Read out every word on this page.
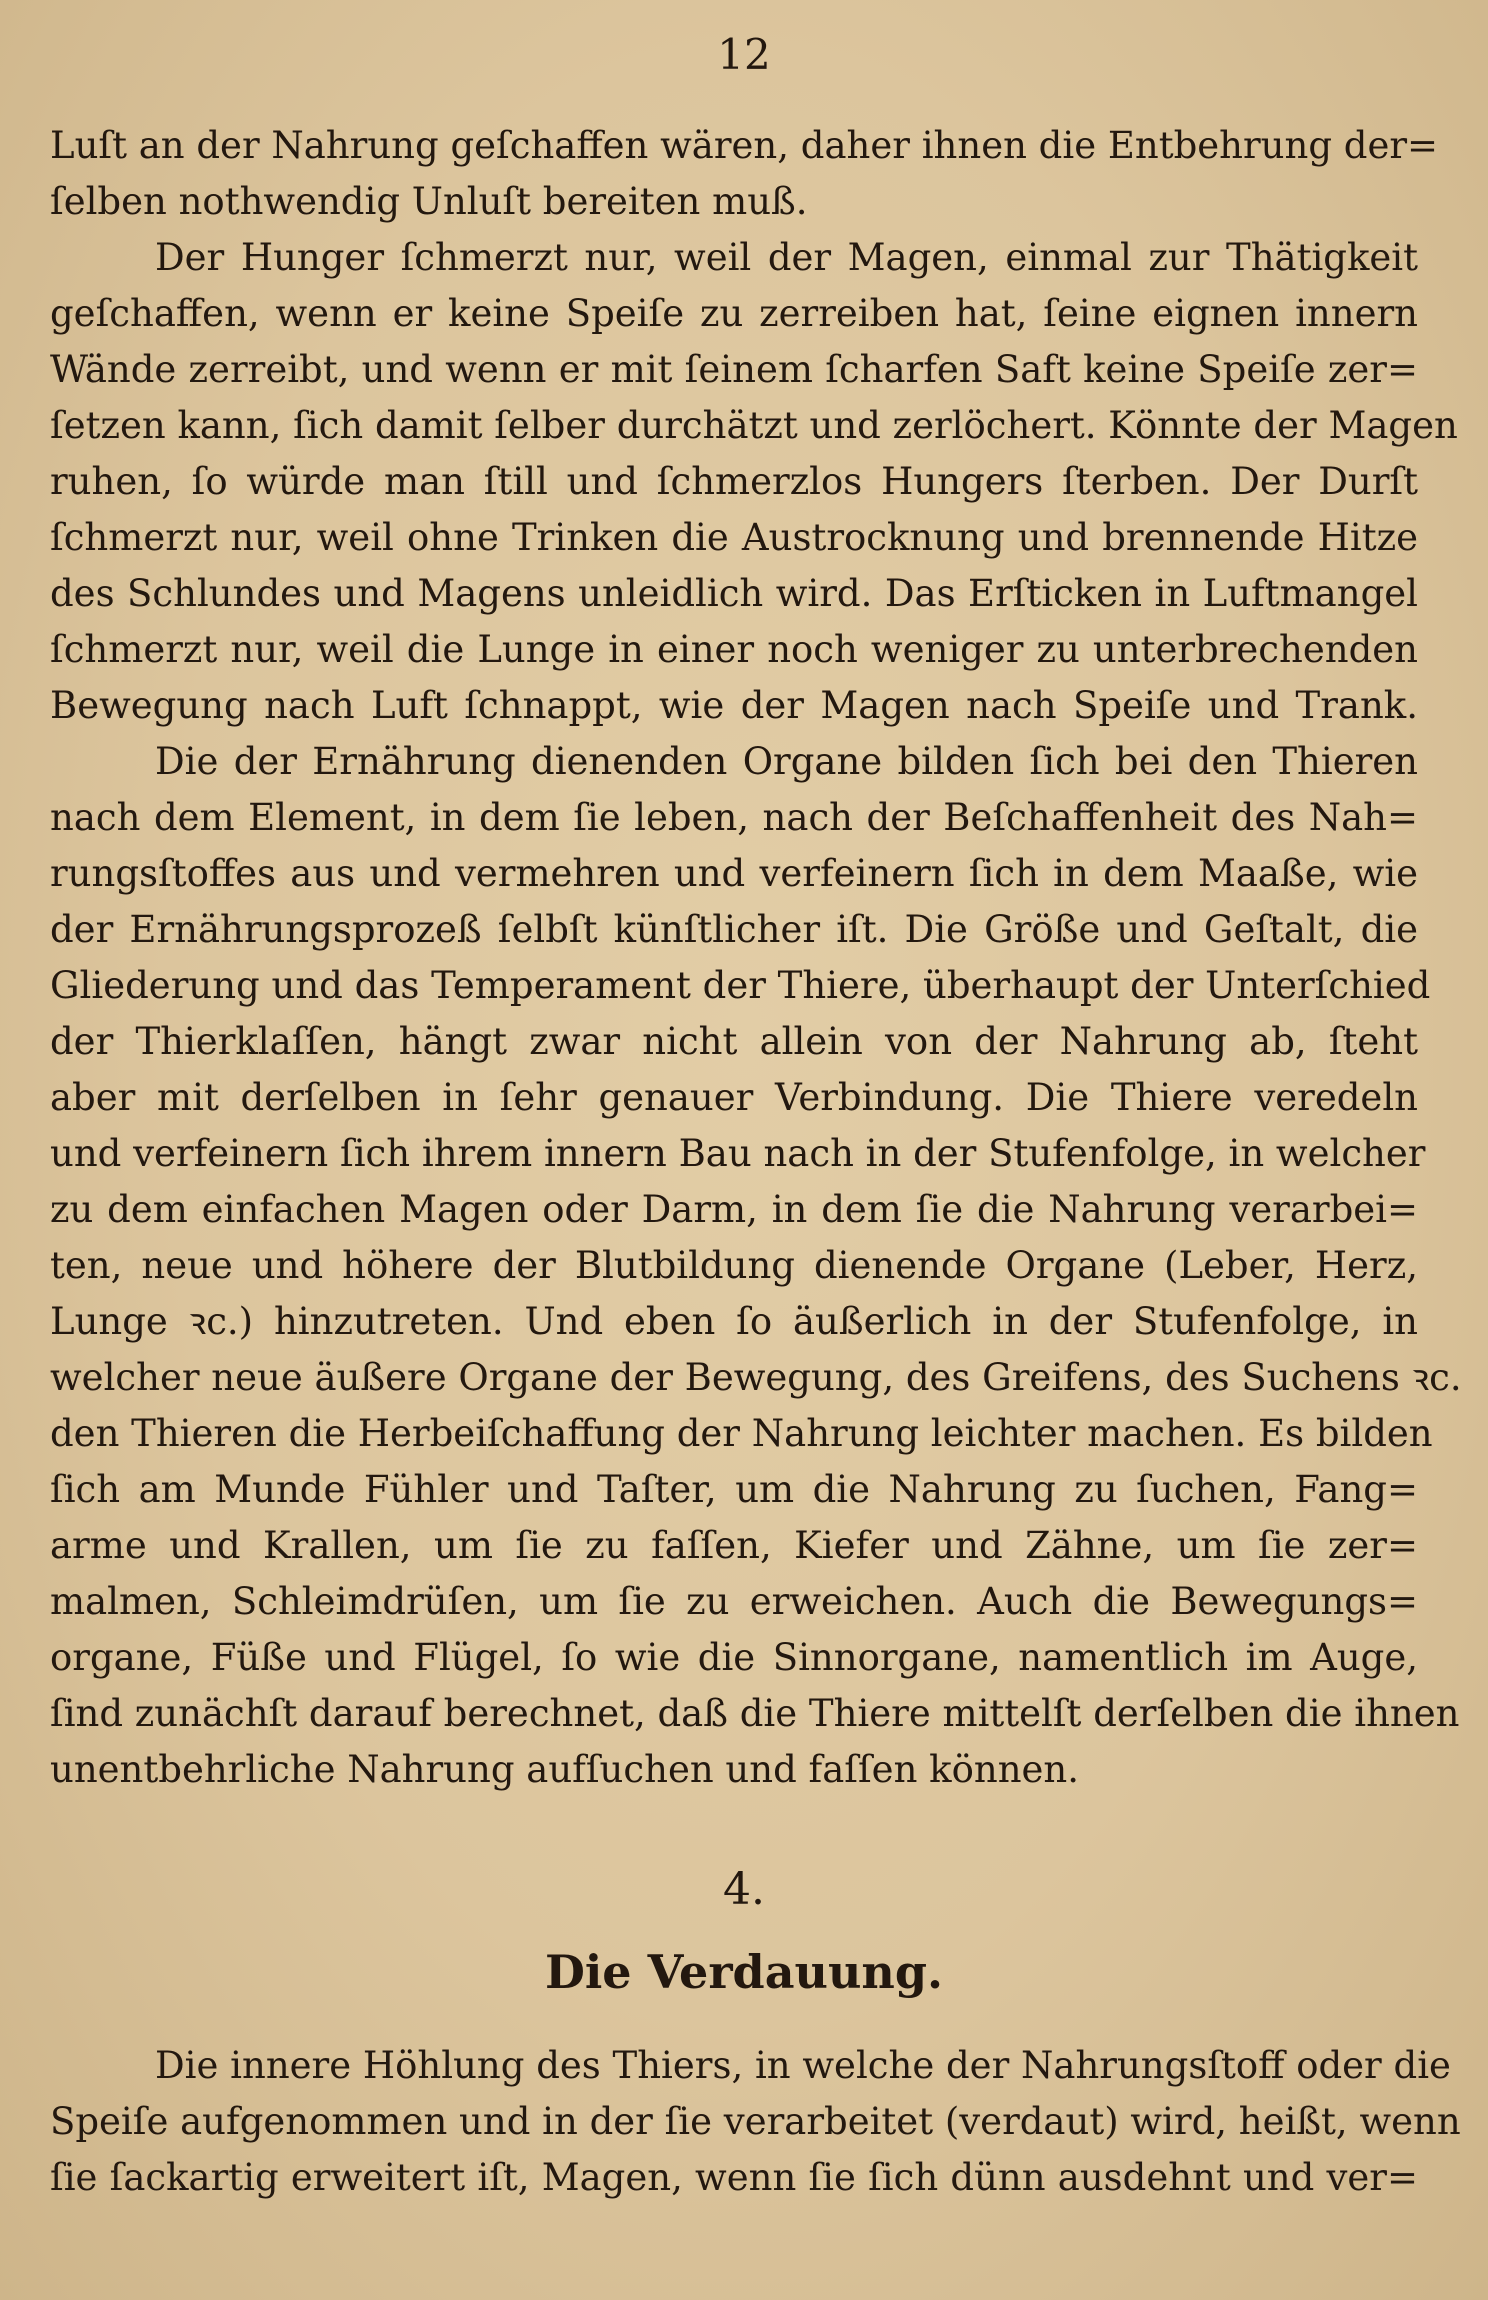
12
Luſt an der Nahrung geſchaffen wären, daher ihnen die Entbehrung der=
ſelben nothwendig Unluſt bereiten muß.
Der Hunger ſchmerzt nur, weil der Magen, einmal zur Thätigkeit
geſchaffen, wenn er keine Speiſe zu zerreiben hat, ſeine eignen innern
Wände zerreibt, und wenn er mit ſeinem ſcharfen Saft keine Speiſe zer=
ſetzen kann, ſich damit ſelber durchätzt und zerlöchert. Könnte der Magen
ruhen, ſo würde man ſtill und ſchmerzlos Hungers ſterben. Der Durſt
ſchmerzt nur, weil ohne Trinken die Austrocknung und brennende Hitze
des Schlundes und Magens unleidlich wird. Das Erſticken in Luftmangel
ſchmerzt nur, weil die Lunge in einer noch weniger zu unterbrechenden
Bewegung nach Luft ſchnappt, wie der Magen nach Speiſe und Trank.
Die der Ernährung dienenden Organe bilden ſich bei den Thieren
nach dem Element, in dem ſie leben, nach der Beſchaffenheit des Nah=
rungsſtoffes aus und vermehren und verfeinern ſich in dem Maaße, wie
der Ernährungsprozeß ſelbſt künſtlicher iſt. Die Größe und Geſtalt, die
Gliederung und das Temperament der Thiere, überhaupt der Unterſchied
der Thierklaſſen, hängt zwar nicht allein von der Nahrung ab, ſteht
aber mit derſelben in ſehr genauer Verbindung. Die Thiere veredeln
und verfeinern ſich ihrem innern Bau nach in der Stufenfolge, in welcher
zu dem einfachen Magen oder Darm, in dem ſie die Nahrung verarbei=
ten, neue und höhere der Blutbildung dienende Organe (Leber, Herz,
Lunge ꝛc.) hinzutreten. Und eben ſo äußerlich in der Stufenfolge, in
welcher neue äußere Organe der Bewegung, des Greifens, des Suchens ꝛc.
den Thieren die Herbeiſchaffung der Nahrung leichter machen. Es bilden
ſich am Munde Fühler und Taſter, um die Nahrung zu ſuchen, Fang=
arme und Krallen, um ſie zu faſſen, Kiefer und Zähne, um ſie zer=
malmen, Schleimdrüſen, um ſie zu erweichen. Auch die Bewegungs=
organe, Füße und Flügel, ſo wie die Sinnorgane, namentlich im Auge,
ſind zunächſt darauf berechnet, daß die Thiere mittelſt derſelben die ihnen
unentbehrliche Nahrung aufſuchen und faſſen können.
4.
Die Verdauung.
Die innere Höhlung des Thiers, in welche der Nahrungsſtoff oder die
Speiſe aufgenommen und in der ſie verarbeitet (verdaut) wird, heißt, wenn
ſie ſackartig erweitert iſt, Magen, wenn ſie ſich dünn ausdehnt und ver=
